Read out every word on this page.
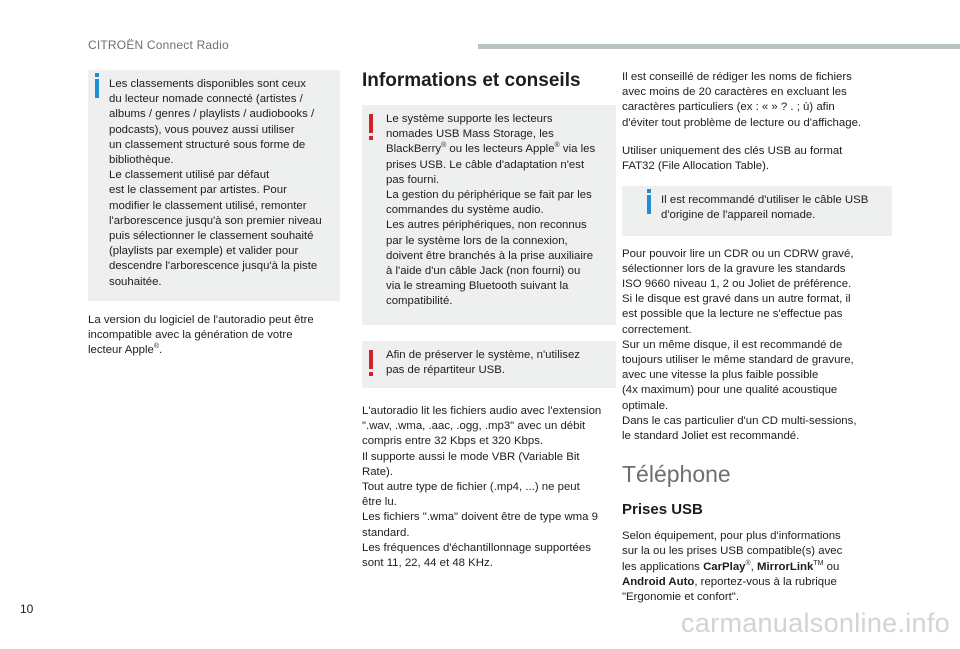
CITROËN Connect Radio

Les classements disponibles sont ceux
du lecteur nomade connecté (artistes /
albums / genres / playlists / audiobooks /
podcasts), vous pouvez aussi utiliser
un classement structuré sous forme de
bibliothèque.
Le classement utilisé par défaut
est le classement par artistes. Pour
modifier le classement utilisé, remonter
l'arborescence jusqu'à son premier niveau
puis sélectionner le classement souhaité
(playlists par exemple) et valider pour
descendre l'arborescence jusqu'à la piste
souhaitée.

La version du logiciel de l'autoradio peut être
incompatible avec la génération de votre
lecteur Apple®.

Informations et conseils

Le système supporte les lecteurs
nomades USB Mass Storage, les
BlackBerry® ou les lecteurs Apple® via les
prises USB. Le câble d'adaptation n'est
pas fourni.
La gestion du périphérique se fait par les
commandes du système audio.
Les autres périphériques, non reconnus
par le système lors de la connexion,
doivent être branchés à la prise auxiliaire
à l'aide d'un câble Jack (non fourni) ou
via le streaming Bluetooth suivant la
compatibilité.

Afin de préserver le système, n'utilisez
pas de répartiteur USB.

L'autoradio lit les fichiers audio avec l'extension
".wav, .wma, .aac, .ogg, .mp3" avec un débit
compris entre 32 Kbps et 320 Kbps.
Il supporte aussi le mode VBR (Variable Bit
Rate).
Tout autre type de fichier (.mp4, ...) ne peut
être lu.
Les fichiers ".wma" doivent être de type wma 9
standard.
Les fréquences d'échantillonnage supportées
sont 11, 22, 44 et 48 KHz.

Il est conseillé de rédiger les noms de fichiers
avec moins de 20 caractères en excluant les
caractères particuliers (ex : « » ? . ; ù) afin
d'éviter tout problème de lecture ou d'affichage.

Utiliser uniquement des clés USB au format
FAT32 (File Allocation Table).

Il est recommandé d'utiliser le câble USB
d'origine de l'appareil nomade.

Pour pouvoir lire un CDR ou un CDRW gravé,
sélectionner lors de la gravure les standards
ISO 9660 niveau 1, 2 ou Joliet de préférence.
Si le disque est gravé dans un autre format, il
est possible que la lecture ne s'effectue pas
correctement.
Sur un même disque, il est recommandé de
toujours utiliser le même standard de gravure,
avec une vitesse la plus faible possible
(4x maximum) pour une qualité acoustique
optimale.
Dans le cas particulier d'un CD multi-sessions,
le standard Joliet est recommandé.

Téléphone
Prises USB

Selon équipement, pour plus d'informations
sur la ou les prises USB compatible(s) avec
les applications CarPlay®, MirrorLink™ ou
Android Auto, reportez-vous à la rubrique
"Ergonomie et confort".

10	carmanualsonline.info
